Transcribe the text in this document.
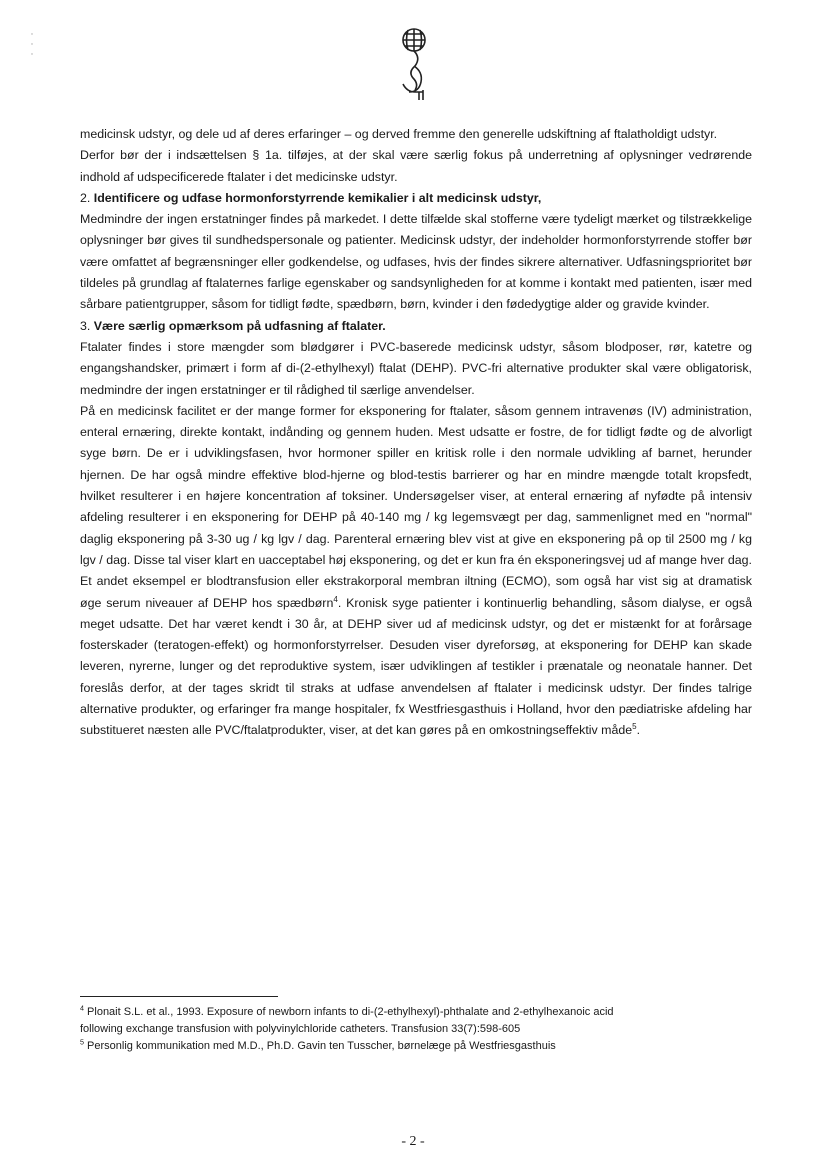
medicinsk udstyr, og dele ud af deres erfaringer – og derved fremme den generelle udskiftning af ftalatholdigt udstyr.
Derfor bør der i indsættelsen § 1a. tilføjes, at der skal være særlig fokus på underretning af oplysninger vedrørende indhold af udspecificerede ftalater i det medicinske udstyr.

2. Identificere og udfase hormonforstyrrende kemikalier i alt medicinsk udstyr,
Medmindre der ingen erstatninger findes på markedet. I dette tilfælde skal stofferne være tydeligt mærket og tilstrækkelige oplysninger bør gives til sundhedspersonale og patienter. Medicinsk udstyr, der indeholder hormonforstyrrende stoffer bør være omfattet af begrænsninger eller godkendelse, og udfases, hvis der findes sikrere alternativer. Udfasningsprioritet bør tildeles på grundlag af ftalaternes farlige egenskaber og sandsynligheden for at komme i kontakt med patienten, især med sårbare patientgrupper, såsom for tidligt fødte, spædbørn, børn, kvinder i den fødedygtige alder og gravide kvinder.

3. Være særlig opmærksom på udfasning af ftalater.
Ftalater findes i store mængder som blødgører i PVC-baserede medicinsk udstyr, såsom blodposer, rør, katetre og engangshandsker, primært i form af di-(2-ethylhexyl) ftalat (DEHP). PVC-fri alternative produkter skal være obligatorisk, medmindre der ingen erstatninger er til rådighed til særlige anvendelser.

På en medicinsk facilitet er der mange former for eksponering for ftalater, såsom gennem intravenøs (IV) administration, enteral ernæring, direkte kontakt, indånding og gennem huden. Mest udsatte er fostre, de for tidligt fødte og de alvorligt syge børn. De er i udviklingsfasen, hvor hormoner spiller en kritisk rolle i den normale udvikling af barnet, herunder hjernen. De har også mindre effektive blod-hjerne og blod-testis barrierer og har en mindre mængde totalt kropsfedt, hvilket resulterer i en højere koncentration af toksiner. Undersøgelser viser, at enteral ernæring af nyfødte på intensiv afdeling resulterer i en eksponering for DEHP på 40-140 mg / kg legemsvægt per dag, sammenlignet med en "normal" daglig eksponering på 3-30 ug / kg lgv / dag. Parenteral ernæring blev vist at give en eksponering på op til 2500 mg / kg lgv / dag. Disse tal viser klart en uacceptabel høj eksponering, og det er kun fra én eksponeringsvej ud af mange hver dag. Et andet eksempel er blodtransfusion eller ekstrakorporal membran iltning (ECMO), som også har vist sig at dramatisk øge serum niveauer af DEHP hos spædbørn$^4$. Kronisk syge patienter i kontinuerlig behandling, såsom dialyse, er også meget udsatte. Det har været kendt i 30 år, at DEHP siver ud af medicinsk udstyr, og det er mistænkt for at forårsage fosterskader (teratogen-effekt) og hormonforstyrrelser. Desuden viser dyreforsøg, at eksponering for DEHP kan skade leveren, nyrerne, lunger og det reproduktive system, især udviklingen af testikler i prænatale og neonatale hanner. Det foreslås derfor, at der tages skridt til straks at udfase anvendelsen af ftalater i medicinsk udstyr. Der findes talrige alternative produkter, og erfaringer fra mange hospitaler, fx Westfriesgasthuis i Holland, hvor den pædiatriske afdeling har substitueret næsten alle PVC/ftalatprodukter, viser, at det kan gøres på en omkostningseffektiv måde$^5$.

$^4$ Plonait S.L. et al., 1993. Exposure of newborn infants to di-(2-ethylhexyl)-phthalate and 2-ethylhexanoic acid
following exchange transfusion with polyvinylchloride catheters. Transfusion 33(7):598-605

$^5$ Personlig kommunikation med M.D., Ph.D. Gavin ten Tusscher, børnelæge på Westfriesgasthuis

- 2 -
